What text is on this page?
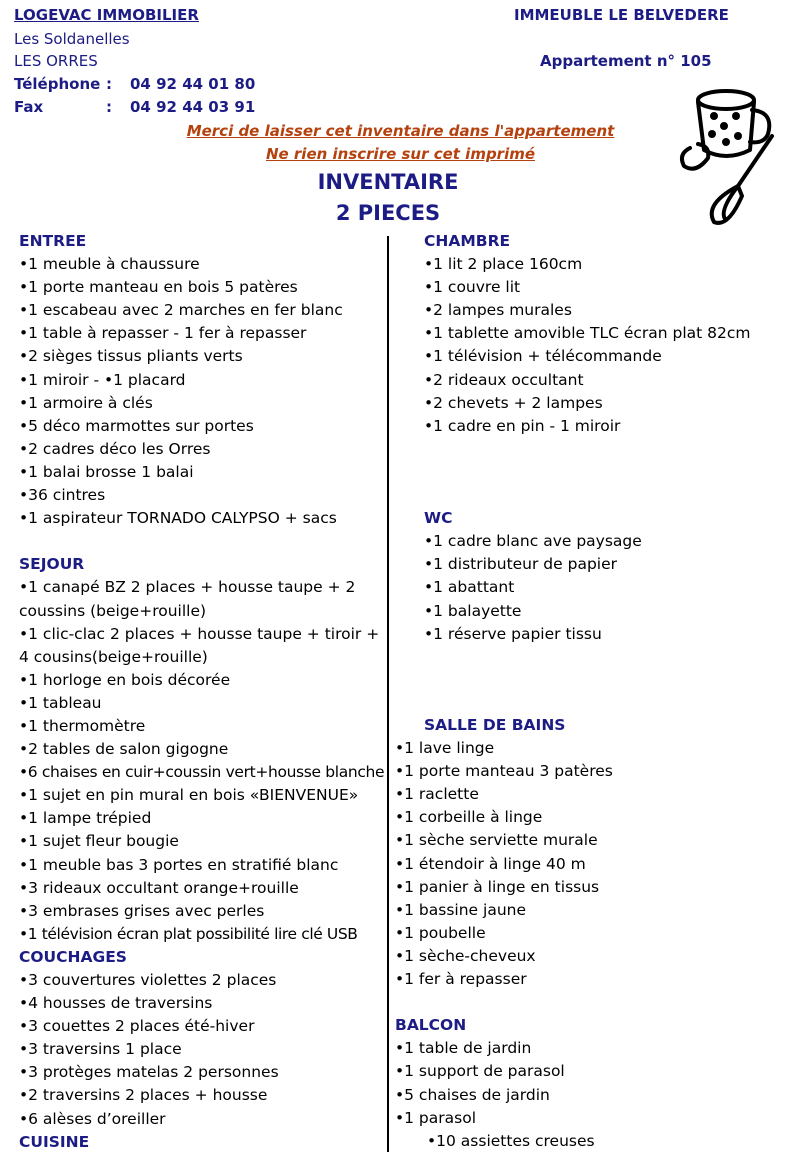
LOGEVAC IMMOBILIER
Les Soldanelles
LES ORRES
Téléphone : 04 92 44 01 80
Fax	: 04 92 44 03 91
IMMEUBLE LE BELVEDERE
Appartement n° 105
Merci de laisser cet inventaire dans l'appartement
Ne rien inscrire sur cet imprimé
INVENTAIRE
2 PIECES
ENTREE
•1 meuble à chaussure
•1 porte manteau en bois 5 patères
•1 escabeau avec 2 marches en fer blanc
•1 table à repasser - 1 fer à repasser
•2 sièges tissus pliants verts
•1 miroir - •1 placard
•1 armoire à clés
•5 déco marmottes sur portes
•2 cadres déco les Orres
•1 balai brosse 1 balai
•36 cintres
•1 aspirateur TORNADO CALYPSO + sacs
SEJOUR
•1 canapé BZ 2 places + housse taupe + 2 coussins (beige+rouille)
•1 clic-clac 2 places + housse taupe + tiroir + 4 cousins(beige+rouille)
•1 horloge en bois décorée
•1 tableau
•1 thermomètre
•2 tables de salon gigogne
•6 chaises en cuir+coussin vert+housse blanche
•1 sujet en pin mural en bois «BIENVENUE»
•1 lampe trépied
•1 sujet fleur bougie
•1 meuble bas 3 portes en stratifié blanc
•3 rideaux occultant orange+rouille
•3 embrases grises avec perles
•1 télévision écran plat possibilité lire clé USB
COUCHAGES
•3 couvertures violettes 2 places
•4 housses de traversins
•3 couettes 2 places été-hiver
•3 traversins 1 place
•3 protèges matelas 2 personnes
•2 traversins 2 places + housse
•6 alèses d’oreiller
CUISINE
CHAMBRE
•1 lit 2 place 160cm
•1 couvre lit
•2 lampes murales
•1 tablette amovible TLC écran plat 82cm
•1 télévision + télécommande
•2 rideaux occultant
•2 chevets + 2 lampes
•1 cadre en pin - 1 miroir
WC
•1 cadre blanc ave paysage
•1 distributeur de papier
•1 abattant
•1 balayette
•1 réserve papier tissu
SALLE DE BAINS
•1 lave linge
•1 porte manteau 3 patères
•1 raclette
•1 corbeille à linge
•1 sèche serviette murale
•1 étendoir à linge 40 m
•1 panier à linge en tissus
•1 bassine jaune
•1 poubelle
•1 sèche-cheveux
•1 fer à repasser
BALCON
•1 table de jardin
•1 support de parasol
•5 chaises de jardin
•1 parasol
•10 assiettes creuses
